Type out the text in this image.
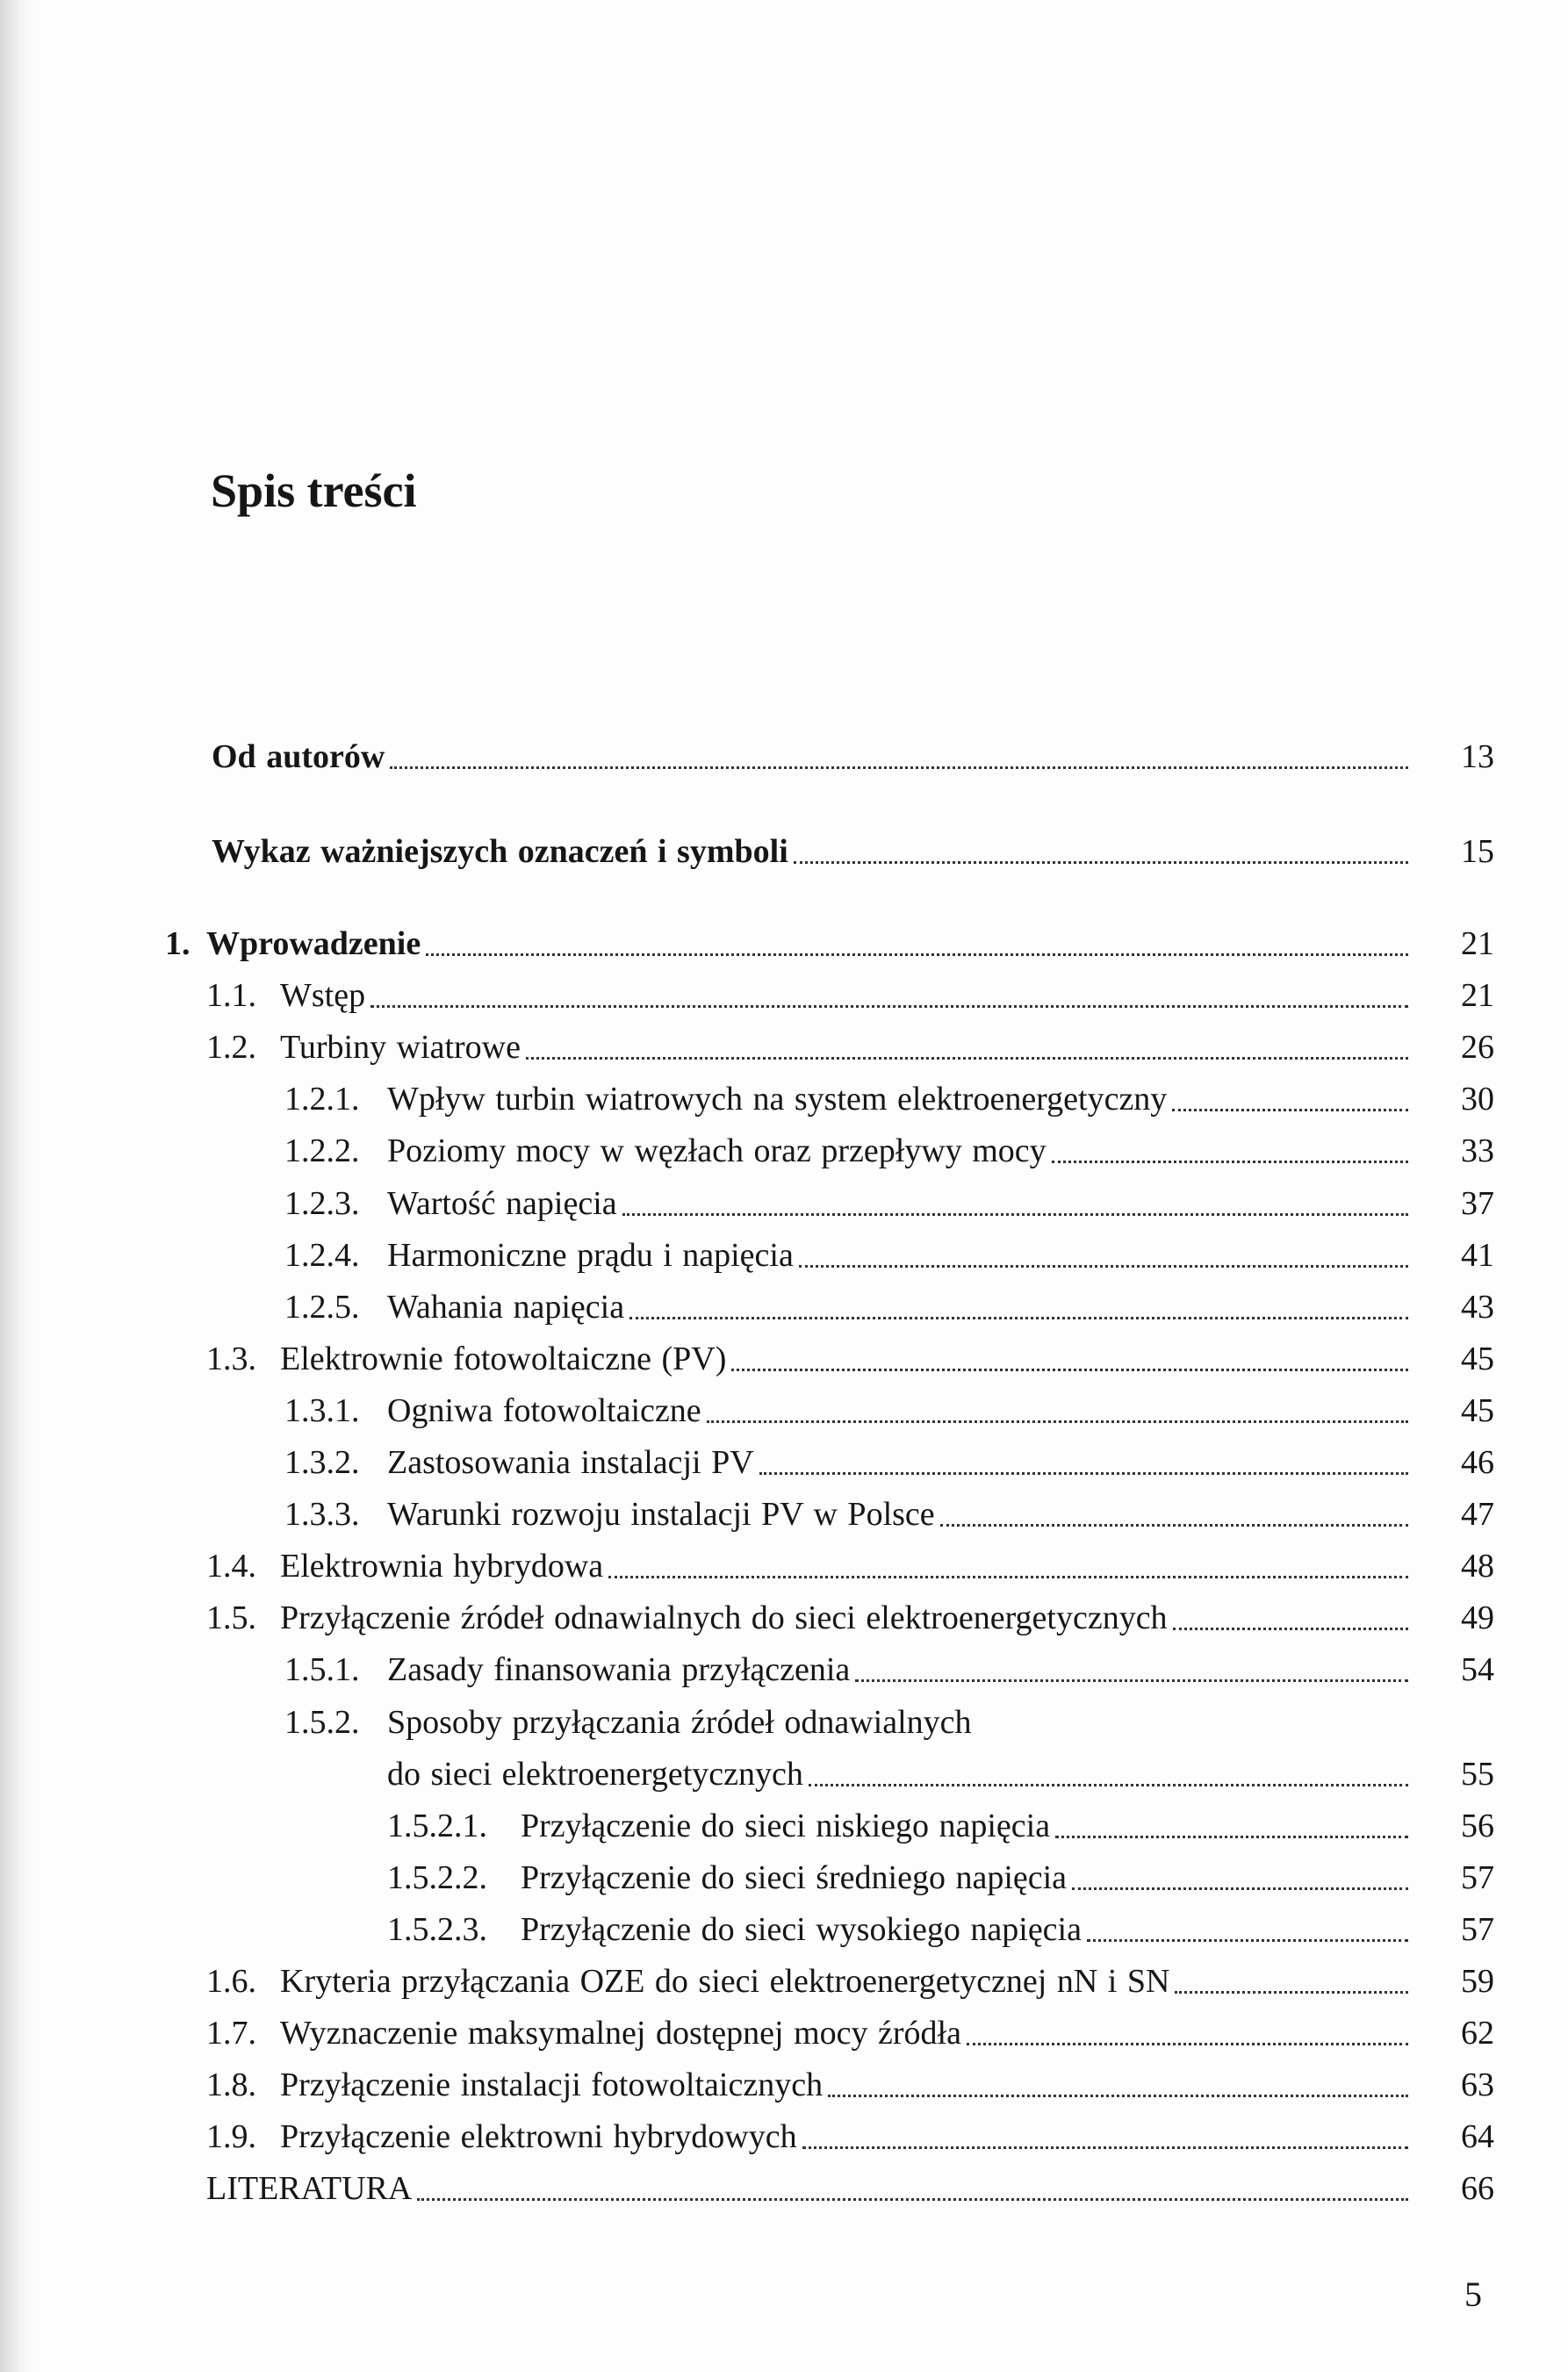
Spis treści
Od autorów	13
Wykaz ważniejszych oznaczeń i symboli	15
1. Wprowadzenie	21
1.1. Wstęp	21
1.2. Turbiny wiatrowe	26
1.2.1. Wpływ turbin wiatrowych na system elektroenergetyczny	30
1.2.2. Poziomy mocy w węzłach oraz przepływy mocy	33
1.2.3. Wartość napięcia	37
1.2.4. Harmoniczne prądu i napięcia	41
1.2.5. Wahania napięcia	43
1.3. Elektrownie fotowoltaiczne (PV)	45
1.3.1. Ogniwa fotowoltaiczne	45
1.3.2. Zastosowania instalacji PV	46
1.3.3. Warunki rozwoju instalacji PV w Polsce	47
1.4. Elektrownia hybrydowa	48
1.5. Przyłączenie źródeł odnawialnych do sieci elektroenergetycznych	49
1.5.1. Zasady finansowania przyłączenia	54
1.5.2. Sposoby przyłączania źródeł odnawialnych
do sieci elektroenergetycznych	55
1.5.2.1. Przyłączenie do sieci niskiego napięcia	56
1.5.2.2. Przyłączenie do sieci średniego napięcia	57
1.5.2.3. Przyłączenie do sieci wysokiego napięcia	57
1.6. Kryteria przyłączania OZE do sieci elektroenergetycznej nN i SN	59
1.7. Wyznaczenie maksymalnej dostępnej mocy źródła	62
1.8. Przyłączenie instalacji fotowoltaicznych	63
1.9. Przyłączenie elektrowni hybrydowych	64
LITERATURA	66
5
